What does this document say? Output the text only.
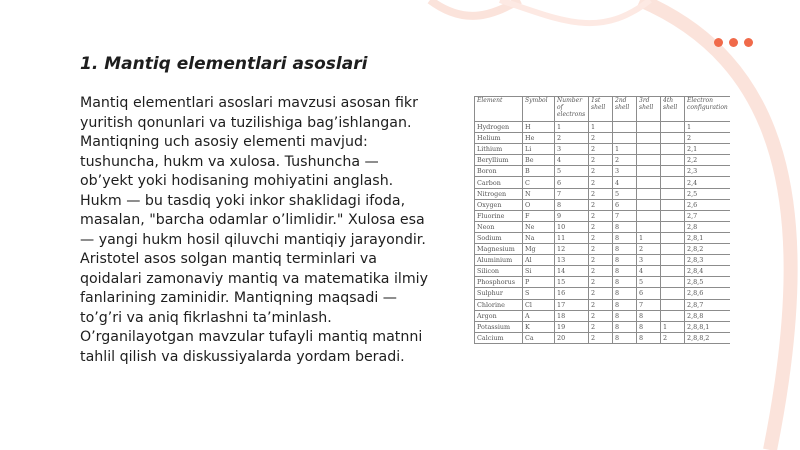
1. Mantiq elementlari asoslari

Mantiq elementlari asoslari mavzusi asosan fikr yuritish qonunlari va tuzilishiga bag’ishlangan. Mantiqning uch asosiy elementi mavjud: tushuncha, hukm va xulosa. Tushuncha — ob’yekt yoki hodisaning mohiyatini anglash. Hukm — bu tasdiq yoki inkor shaklidagi ifoda, masalan, "barcha odamlar o’limlidir." Xulosa esa — yangi hukm hosil qiluvchi mantiqiy jarayondir. Aristotel asos solgan mantiq terminlari va qoidalari zamonaviy mantiq va matematika ilmiy fanlarining zaminidir. Mantiqning maqsadi — to’g’ri va aniq fikrlashni ta’minlash. O’rganilayotgan mavzular tufayli mantiq matnni tahlil qilish va diskussiyalarda yordam beradi.

Element	Symbol	Number of electrons	1st shell	2nd shell	3rd shell	4th shell	Electron configuration
Hydrogen	H	1	1				1
Helium	He	2	2				2
Lithium	Li	3	2	1			2,1
Beryllium	Be	4	2	2			2,2
Boron	B	5	2	3			2,3
Carbon	C	6	2	4			2,4
Nitrogen	N	7	2	5			2,5
Oxygen	O	8	2	6			2,6
Fluorine	F	9	2	7			2,7
Neon	Ne	10	2	8			2,8
Sodium	Na	11	2	8	1		2,8,1
Magnesium	Mg	12	2	8	2		2,8,2
Aluminium	Al	13	2	8	3		2,8,3
Silicon	Si	14	2	8	4		2,8,4
Phosphorus	P	15	2	8	5		2,8,5
Sulphur	S	16	2	8	6		2,8,6
Chlorine	Cl	17	2	8	7		2,8,7
Argon	A	18	2	8	8		2,8,8
Potassium	K	19	2	8	8	1	2,8,8,1
Calcium	Ca	20	2	8	8	2	2,8,8,2
